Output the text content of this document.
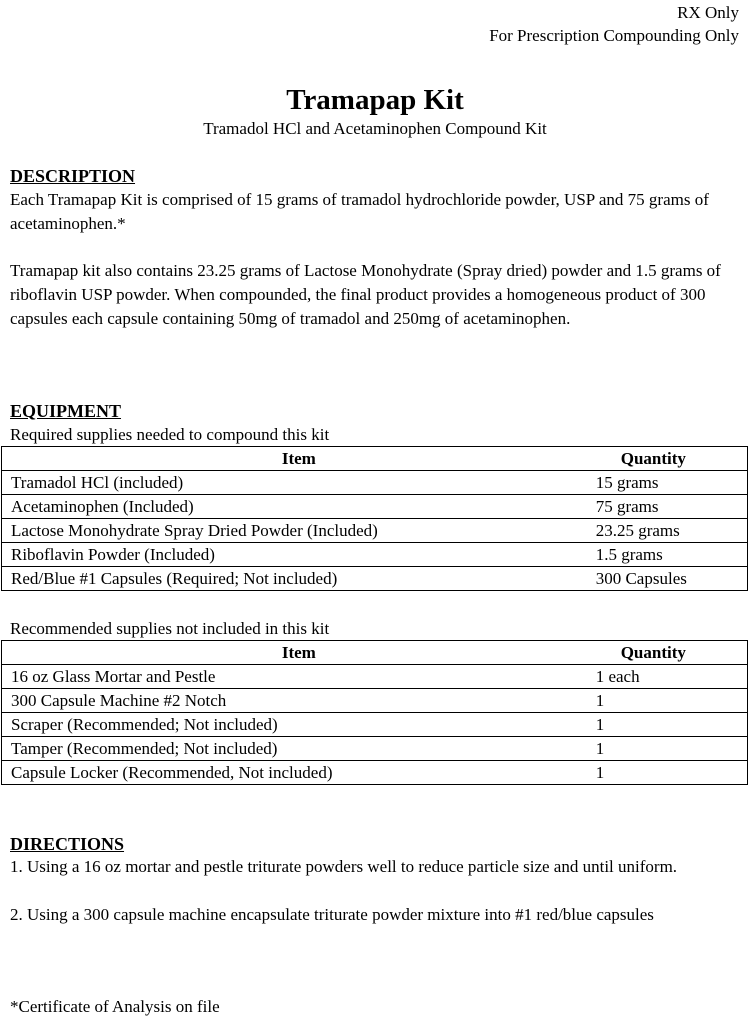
RX Only
For Prescription Compounding Only
Tramapap Kit
Tramadol HCl and Acetaminophen Compound Kit
DESCRIPTION
Each Tramapap Kit is comprised of 15 grams of tramadol hydrochloride powder, USP and 75 grams of acetaminophen.*
Tramapap kit also contains 23.25 grams of Lactose Monohydrate (Spray dried) powder and 1.5 grams of riboflavin USP powder. When compounded, the final product provides a homogeneous product of 300 capsules each capsule containing 50mg of tramadol and 250mg of acetaminophen.
EQUIPMENT
Required supplies needed to compound this kit
Item	Quantity
Tramadol HCl (included)	15 grams
Acetaminophen (Included)	75 grams
Lactose Monohydrate Spray Dried Powder (Included)	23.25 grams
Riboflavin Powder (Included)	1.5 grams
Red/Blue #1 Capsules (Required; Not included)	300 Capsules
Recommended supplies not included in this kit
Item	Quantity
16 oz Glass Mortar and Pestle	1 each
300 Capsule Machine #2 Notch	1
Scraper (Recommended; Not included)	1
Tamper (Recommended; Not included)	1
Capsule Locker (Recommended, Not included)	1
DIRECTIONS
1. Using a 16 oz mortar and pestle triturate powders well to reduce particle size and until uniform.
2. Using a 300 capsule machine encapsulate triturate powder mixture into #1 red/blue capsules
*Certificate of Analysis on file
